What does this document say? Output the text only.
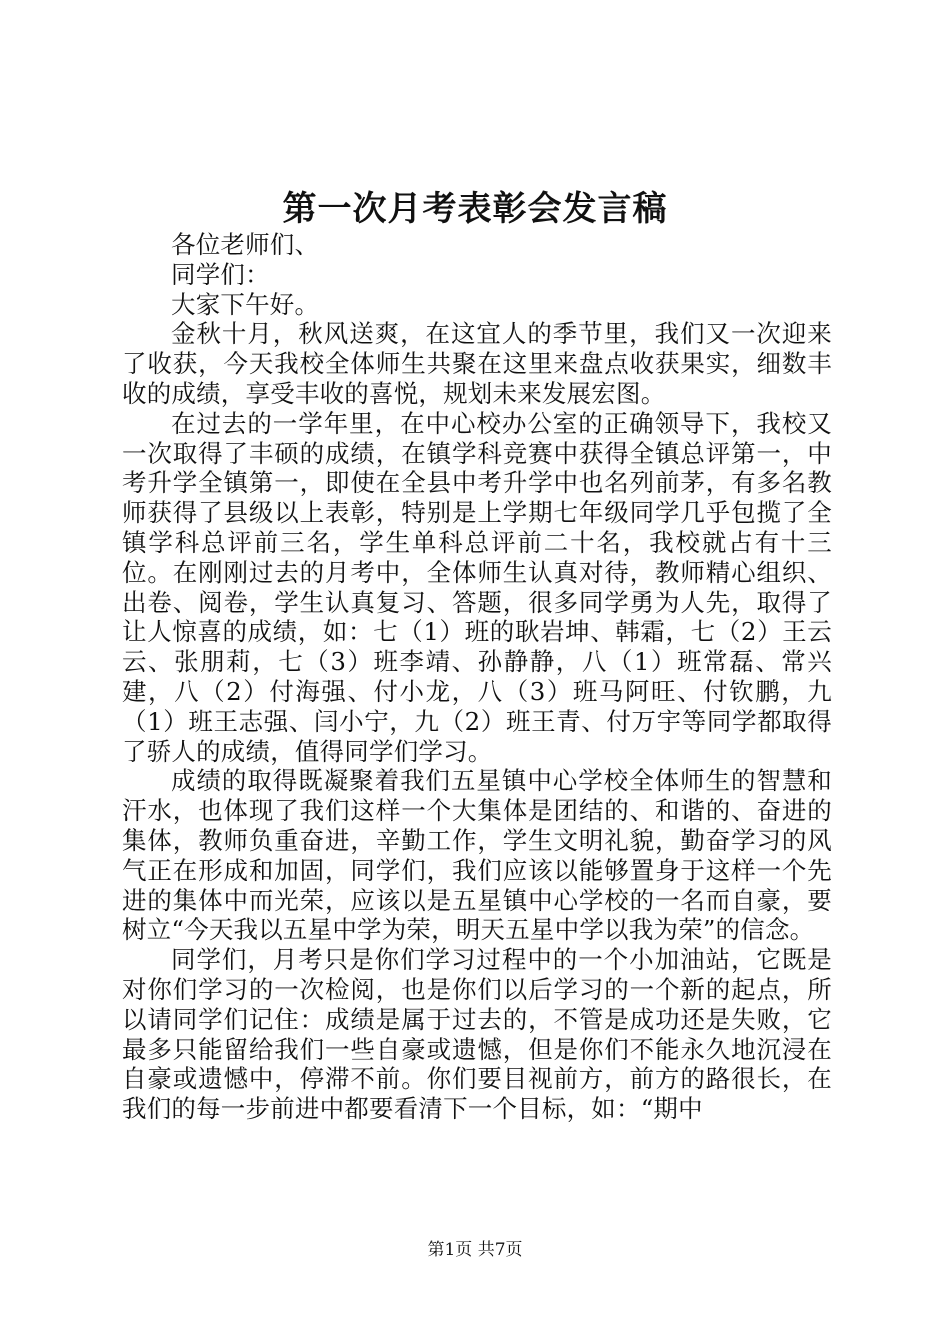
第一次月考表彰会发言稿

各位老师们、

同学们：

大家下午好。

金秋十月，秋风送爽，在这宜人的季节里，我们又一次迎来了收获，今天我校全体师生共聚在这里来盘点收获果实，细数丰收的成绩，享受丰收的喜悦，规划未来发展宏图。

在过去的一学年里，在中心校办公室的正确领导下，我校又一次取得了丰硕的成绩，在镇学科竞赛中获得全镇总评第一，中考升学全镇第一，即使在全县中考升学中也名列前茅，有多名教师获得了县级以上表彰，特别是上学期七年级同学几乎包揽了全镇学科总评前三名，学生单科总评前二十名，我校就占有十三位。在刚刚过去的月考中，全体师生认真对待，教师精心组织、出卷、阅卷，学生认真复习、答题，很多同学勇为人先，取得了让人惊喜的成绩，如：七（1）班的耿岩坤、韩霜，七（2）王云云、张朋莉，七（3）班李靖、孙静静，八（1）班常磊、常兴建，八（2）付海强、付小龙，八（3）班马阿旺、付钦鹏，九（1）班王志强、闫小宁，九（2）班王青、付万宇等同学都取得了骄人的成绩，值得同学们学习。

成绩的取得既凝聚着我们五星镇中心学校全体师生的智慧和汗水，也体现了我们这样一个大集体是团结的、和谐的、奋进的集体，教师负重奋进，辛勤工作，学生文明礼貌，勤奋学习的风气正在形成和加固，同学们，我们应该以能够置身于这样一个先进的集体中而光荣，应该以是五星镇中心学校的一名而自豪，要树立“今天我以五星中学为荣，明天五星中学以我为荣”的信念。

同学们，月考只是你们学习过程中的一个小加油站，它既是对你们学习的一次检阅，也是你们以后学习的一个新的起点，所以请同学们记住：成绩是属于过去的，不管是成功还是失败，它最多只能留给我们一些自豪或遗憾，但是你们不能永久地沉浸在自豪或遗憾中，停滞不前。你们要目视前方，前方的路很长，在我们的每一步前进中都要看清下一个目标，如：“期中

第1页 共7页
